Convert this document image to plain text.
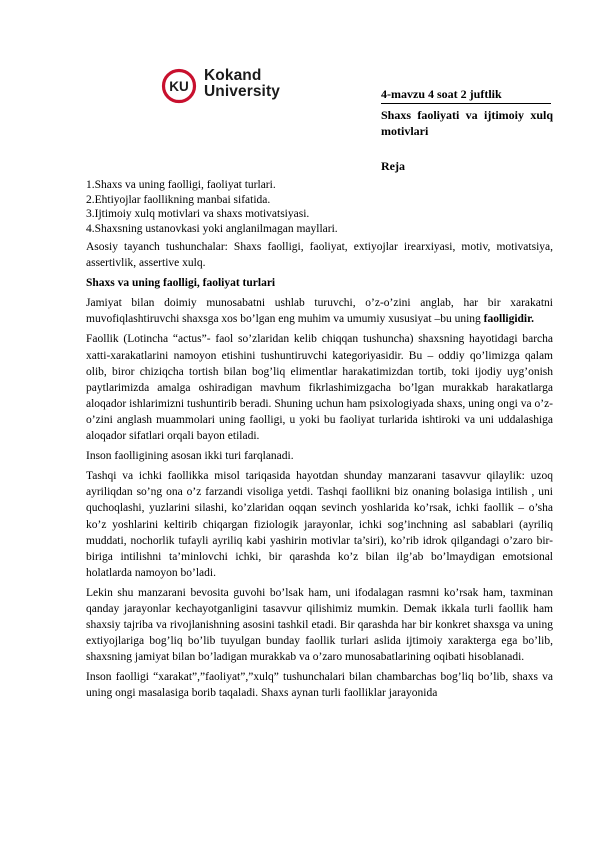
KU
Kokand
University	4-mavzu 4 soat 2 juftlik
Shaxs faoliyati va ijtimoiy xulq motivlari
Reja
1.Shaxs va uning faolligi, faoliyat turlari.
2.Ehtiyojlar faollikning manbai sifatida.
3.Ijtimoiy xulq motivlari va shaxs motivatsiyasi.
4.Shaxsning ustanovkasi yoki anglanilmagan mayllari.

Asosiy tayanch tushunchalar: Shaxs faolligi, faoliyat, extiyojlar irearxiyasi, motiv, motivatsiya, assertivlik, assertive xulq.

Shaxs va uning faolligi, faoliyat turlari

Jamiyat bilan doimiy munosabatni ushlab turuvchi, o’z-o’zini anglab, har bir xarakatni muvofiqlashtiruvchi shaxsga xos bo’lgan eng muhim va umumiy xususiyat –bu uning faolligidir.

Faollik (Lotincha “actus”- faol so’zlaridan kelib chiqqan tushuncha) shaxsning hayotidagi barcha xatti-xarakatlarini namoyon etishini tushuntiruvchi kategoriyasidir. Bu – oddiy qo’limizga qalam olib, biror chiziqcha tortish bilan bog’liq elimentlar harakatimizdan tortib, toki ijodiy uyg’onish paytlarimizda amalga oshiradigan mavhum fikrlashimizgacha bo’lgan murakkab harakatlarga aloqador ishlarimizni tushuntirib beradi. Shuning uchun ham psixologiyada shaxs, uning ongi va o’z-o’zini anglash muammolari uning faolligi, u yoki bu faoliyat turlarida ishtiroki va uni uddalashiga aloqador sifatlari orqali bayon etiladi.

Inson faolligining asosan ikki turi farqlanadi.

Tashqi va ichki faollikka misol tariqasida hayotdan shunday manzarani tasavvur qilaylik: uzoq ayriliqdan so’ng ona o’z farzandi visoliga yetdi. Tashqi faollikni biz onaning bolasiga intilish , uni quchoqlashi, yuzlarini silashi, ko’zlaridan oqqan sevinch yoshlarida ko’rsak, ichki faollik – o’sha ko’z yoshlarini keltirib chiqargan fiziologik jarayonlar, ichki sog’inchning asl sabablari (ayriliq muddati, nochorlik tufayli ayriliq kabi yashirin motivlar ta’siri), ko’rib idrok qilgandagi o’zaro bir-biriga intilishni ta’minlovchi ichki, bir qarashda ko’z bilan ilg’ab bo’lmaydigan emotsional holatlarda namoyon bo’ladi.

Lekin shu manzarani bevosita guvohi bo’lsak ham, uni ifodalagan rasmni ko’rsak ham, taxminan qanday jarayonlar kechayotganligini tasavvur qilishimiz mumkin. Demak ikkala turli faollik ham shaxsiy tajriba va rivojlanishning asosini tashkil etadi. Bir qarashda har bir konkret shaxsga va uning extiyojlariga bog’liq bo’lib tuyulgan bunday faollik turlari aslida ijtimoiy xarakterga ega bo’lib, shaxsning jamiyat bilan bo’ladigan murakkab va o’zaro munosabatlarining oqibati hisoblanadi.

Inson faolligi “xarakat”,”faoliyat”,”xulq” tushunchalari bilan chambarchas bog’liq bo’lib, shaxs va uning ongi masalasiga borib taqaladi. Shaxs aynan turli faolliklar jarayonida
